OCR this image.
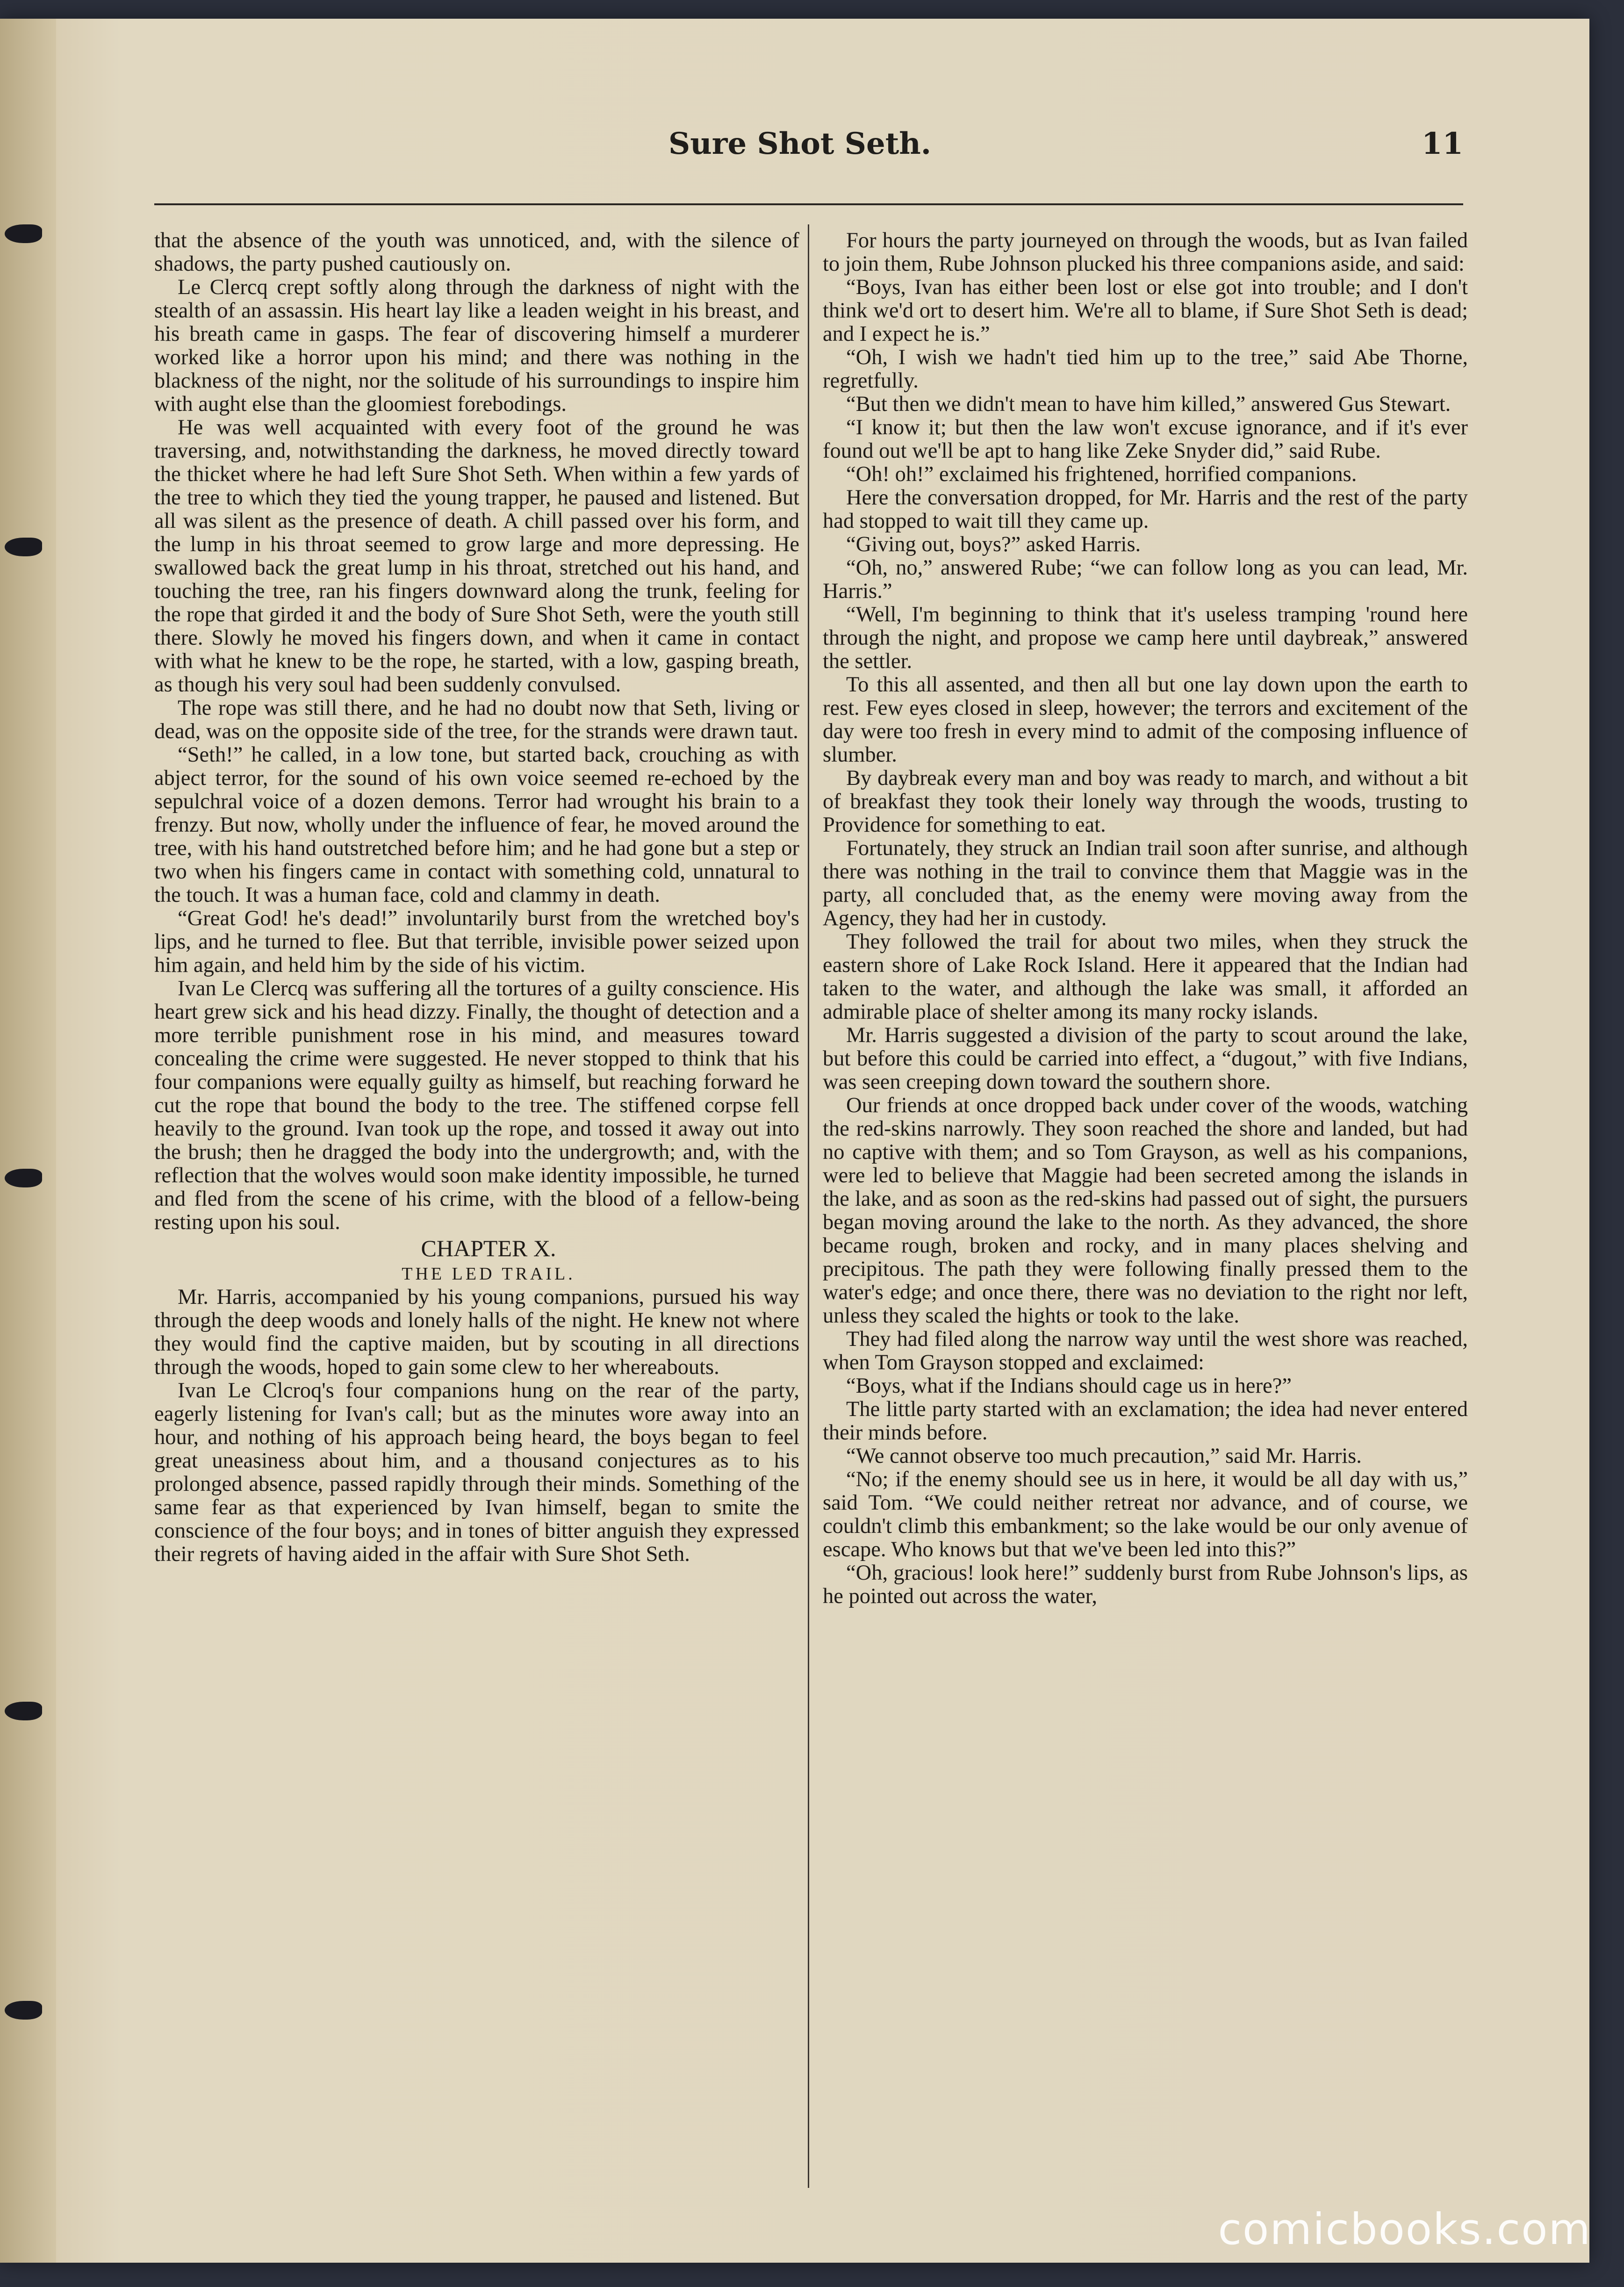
Sure Shot Seth.	11

that the absence of the youth was unnoticed, and, with the silence of shadows, the party pushed cautiously on.

Le Clercq crept softly along through the darkness of night with the stealth of an assassin. His heart lay like a leaden weight in his breast, and his breath came in gasps. The fear of discovering himself a murderer worked like a horror upon his mind; and there was nothing in the blackness of the night, nor the solitude of his surroundings to inspire him with aught else than the gloomiest forebodings.

He was well acquainted with every foot of the ground he was traversing, and, notwithstanding the darkness, he moved directly toward the thicket where he had left Sure Shot Seth. When within a few yards of the tree to which they tied the young trapper, he paused and listened. But all was silent as the presence of death. A chill passed over his form, and the lump in his throat seemed to grow large and more depressing. He swallowed back the great lump in his throat, stretched out his hand, and touching the tree, ran his fingers downward along the trunk, feeling for the rope that girded it and the body of Sure Shot Seth, were the youth still there. Slowly he moved his fingers down, and when it came in contact with what he knew to be the rope, he started, with a low, gasping breath, as though his very soul had been suddenly convulsed.

The rope was still there, and he had no doubt now that Seth, living or dead, was on the opposite side of the tree, for the strands were drawn taut.

“Seth!” he called, in a low tone, but started back, crouching as with abject terror, for the sound of his own voice seemed re-echoed by the sepulchral voice of a dozen demons. Terror had wrought his brain to a frenzy. But now, wholly under the influence of fear, he moved around the tree, with his hand outstretched before him; and he had gone but a step or two when his fingers came in contact with something cold, unnatural to the touch. It was a human face, cold and clammy in death.

“Great God! he's dead!” involuntarily burst from the wretched boy's lips, and he turned to flee. But that terrible, invisible power seized upon him again, and held him by the side of his victim.

Ivan Le Clercq was suffering all the tortures of a guilty conscience. His heart grew sick and his head dizzy. Finally, the thought of detection and a more terrible punishment rose in his mind, and measures toward concealing the crime were suggested. He never stopped to think that his four companions were equally guilty as himself, but reaching forward he cut the rope that bound the body to the tree. The stiffened corpse fell heavily to the ground. Ivan took up the rope, and tossed it away out into the brush; then he dragged the body into the undergrowth; and, with the reflection that the wolves would soon make identity impossible, he turned and fled from the scene of his crime, with the blood of a fellow-being resting upon his soul.

CHAPTER X.

THE LED TRAIL.

Mr. Harris, accompanied by his young companions, pursued his way through the deep woods and lonely halls of the night. He knew not where they would find the captive maiden, but by scouting in all directions through the woods, hoped to gain some clew to her whereabouts.

Ivan Le Clcroq's four companions hung on the rear of the party, eagerly listening for Ivan's call; but as the minutes wore away into an hour, and nothing of his approach being heard, the boys began to feel great uneasiness about him, and a thousand conjectures as to his prolonged absence, passed rapidly through their minds. Something of the same fear as that experienced by Ivan himself, began to smite the conscience of the four boys; and in tones of bitter anguish they expressed their regrets of having aided in the affair with Sure Shot Seth.

For hours the party journeyed on through the woods, but as Ivan failed to join them, Rube Johnson plucked his three companions aside, and said:

“Boys, Ivan has either been lost or else got into trouble; and I don't think we'd ort to desert him. We're all to blame, if Sure Shot Seth is dead; and I expect he is.”

“Oh, I wish we hadn't tied him up to the tree,” said Abe Thorne, regretfully.

“But then we didn't mean to have him killed,” answered Gus Stewart.

“I know it; but then the law won't excuse ignorance, and if it's ever found out we'll be apt to hang like Zeke Snyder did,” said Rube.

“Oh! oh!” exclaimed his frightened, horrified companions.

Here the conversation dropped, for Mr. Harris and the rest of the party had stopped to wait till they came up.

“Giving out, boys?” asked Harris.

“Oh, no,” answered Rube; “we can follow long as you can lead, Mr. Harris.”

“Well, I'm beginning to think that it's useless tramping 'round here through the night, and propose we camp here until daybreak,” answered the settler.

To this all assented, and then all but one lay down upon the earth to rest. Few eyes closed in sleep, however; the terrors and excitement of the day were too fresh in every mind to admit of the composing influence of slumber.

By daybreak every man and boy was ready to march, and without a bit of breakfast they took their lonely way through the woods, trusting to Providence for something to eat.

Fortunately, they struck an Indian trail soon after sunrise, and although there was nothing in the trail to convince them that Maggie was in the party, all concluded that, as the enemy were moving away from the Agency, they had her in custody.

They followed the trail for about two miles, when they struck the eastern shore of Lake Rock Island. Here it appeared that the Indian had taken to the water, and although the lake was small, it afforded an admirable place of shelter among its many rocky islands.

Mr. Harris suggested a division of the party to scout around the lake, but before this could be carried into effect, a “dugout,” with five Indians, was seen creeping down toward the southern shore.

Our friends at once dropped back under cover of the woods, watching the red-skins narrowly. They soon reached the shore and landed, but had no captive with them; and so Tom Grayson, as well as his companions, were led to believe that Maggie had been secreted among the islands in the lake, and as soon as the red-skins had passed out of sight, the pursuers began moving around the lake to the north. As they advanced, the shore became rough, broken and rocky, and in many places shelving and precipitous. The path they were following finally pressed them to the water's edge; and once there, there was no deviation to the right nor left, unless they scaled the hights or took to the lake.

They had filed along the narrow way until the west shore was reached, when Tom Grayson stopped and exclaimed:

“Boys, what if the Indians should cage us in here?”

The little party started with an exclamation; the idea had never entered their minds before.

“We cannot observe too much precaution,” said Mr. Harris.

“No; if the enemy should see us in here, it would be all day with us,” said Tom. “We could neither retreat nor advance, and of course, we couldn't climb this embankment; so the lake would be our only avenue of escape. Who knows but that we've been led into this?”

“Oh, gracious! look here!” suddenly burst from Rube Johnson's lips, as he pointed out across the water,

comicbooks.com
